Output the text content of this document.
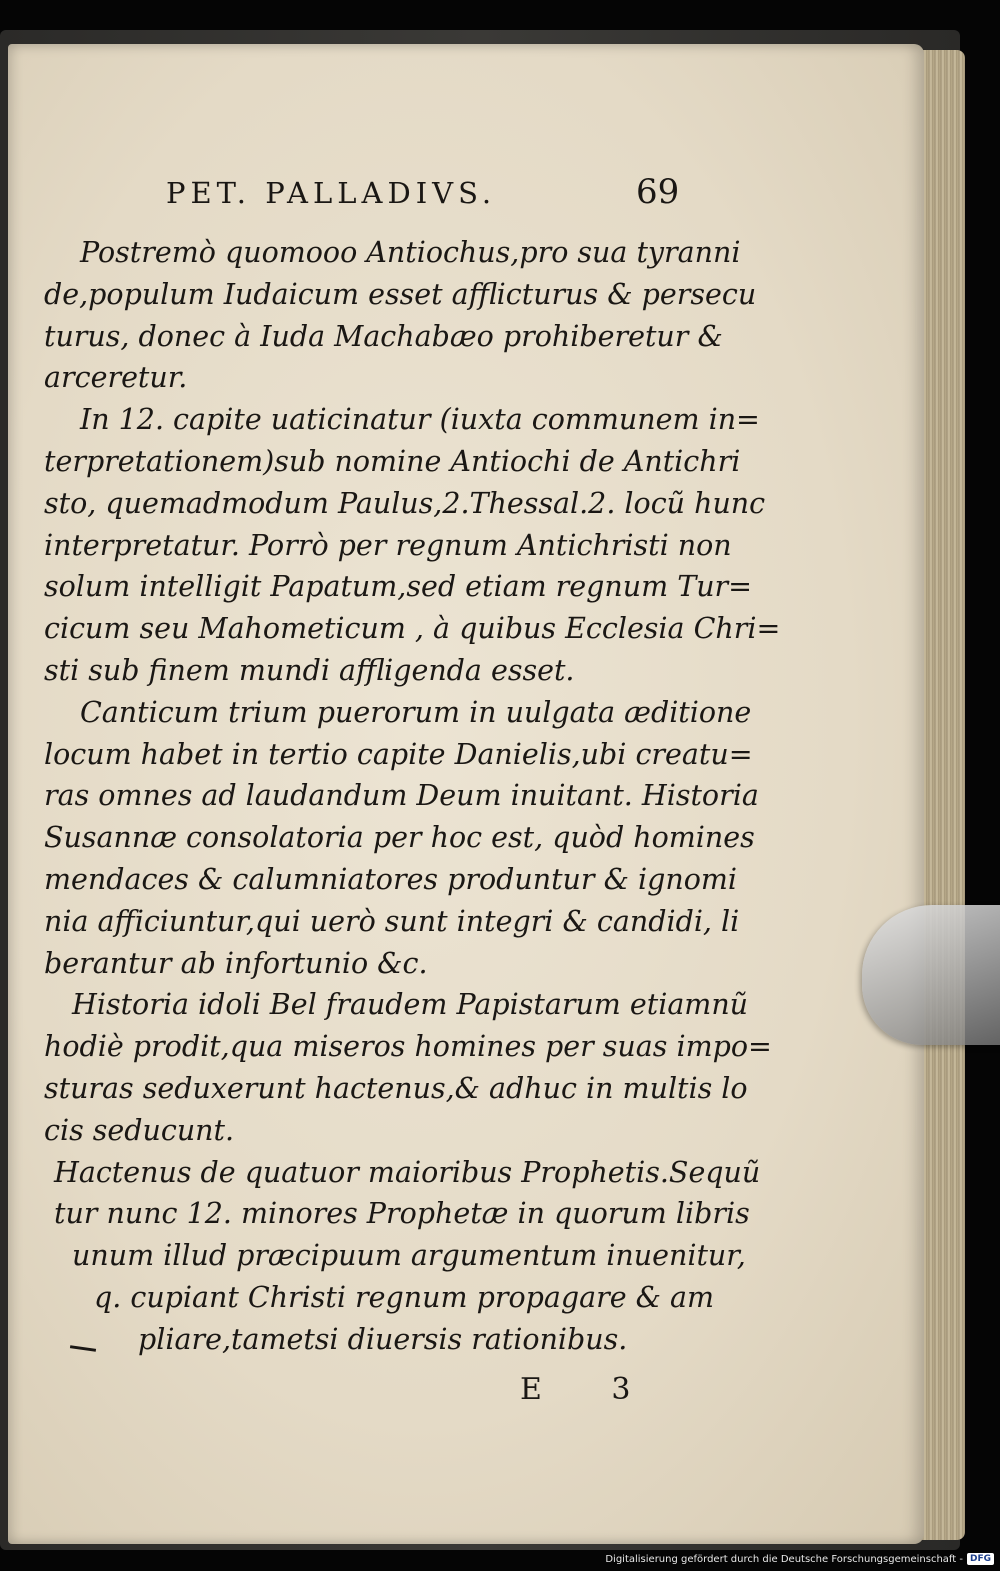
PET. PALLADIVS.	69
Postremò quomooo Antiochus,pro sua tyranni
de,populum Iudaicum esset afflicturus & persecu
turus, donec à Iuda Machabæo prohiberetur &
arceretur.
In 12. capite uaticinatur (iuxta communem in=
terpretationem)sub nomine Antiochi de Antichri
sto, quemadmodum Paulus,2.Thessal.2. locũ hunc
interpretatur. Porrò per regnum Antichristi non
solum intelligit Papatum,sed etiam regnum Tur=
cicum seu Mahometicum , à quibus Ecclesia Chri=
sti sub finem mundi affligenda esset.
Canticum trium puerorum in uulgata æditione
locum habet in tertio capite Danielis,ubi creatu=
ras omnes ad laudandum Deum inuitant. Historia
Susannæ consolatoria per hoc est, quòd homines
mendaces & calumniatores produntur & ignomi
nia afficiuntur,qui uerò sunt integri & candidi, li
berantur ab infortunio &c.
Historia idoli Bel fraudem Papistarum etiamnũ
hodiè prodit,qua miseros homines per suas impo=
sturas seduxerunt hactenus,& adhuc in multis lo
cis seducunt.
Hactenus de quatuor maioribus Prophetis.Sequũ
tur nunc 12. minores Prophetæ in quorum libris
unum illud præcipuum argumentum inuenitur,
q. cupiant Christi regnum propagare & am
pliare,tametsi diuersis rationibus.
E 3
Digitalisierung gefördert durch die Deutsche Forschungsgemeinschaft - DFG
